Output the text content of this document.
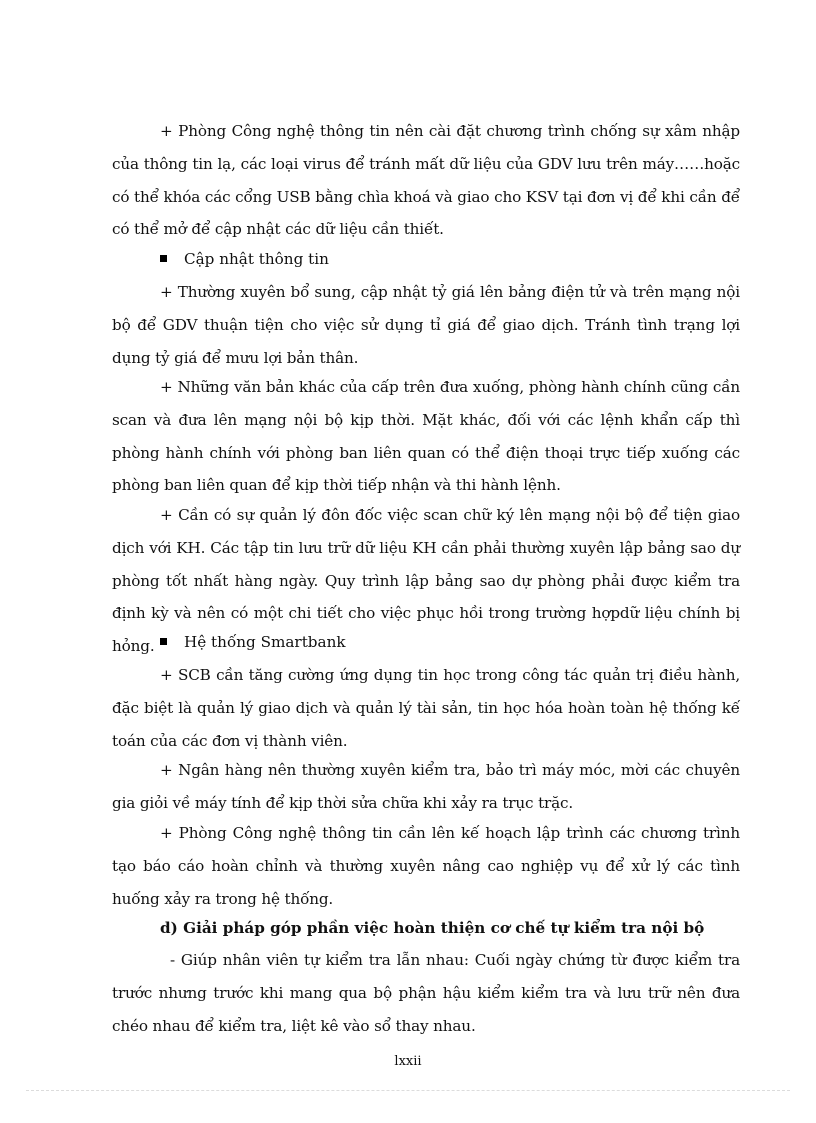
+ Phòng Công nghệ thông tin nên cài đặt chương trình chống sự xâm nhập của thông tin lạ, các loại virus để tránh mất dữ liệu của GDV lưu trên máy……hoặc có thể khóa các cổng USB bằng chìa khoá và giao cho KSV tại đơn vị để khi cần để có thể mở để cập nhật các dữ liệu cần thiết.

Cập nhật thông tin

+ Thường xuyên bổ sung, cập nhật tỷ giá lên bảng điện tử và trên mạng nội bộ để GDV thuận tiện cho việc sử dụng tỉ giá để giao dịch. Tránh tình trạng lợi dụng tỷ giá để mưu lợi bản thân.

+ Những văn bản khác của cấp trên đưa xuống, phòng hành chính cũng cần scan và đưa lên mạng nội bộ kịp thời. Mặt khác, đối với các lệnh khẩn cấp thì phòng hành chính với phòng ban liên quan có thể điện thoại trực tiếp xuống các phòng ban liên quan để kịp thời tiếp nhận và thi hành lệnh.

+ Cần có sự quản lý đôn đốc việc scan chữ ký lên mạng nội bộ để tiện giao dịch với KH. Các tập tin lưu trữ dữ liệu KH cần phải thường xuyên lập bảng sao dự phòng tốt nhất hàng ngày. Quy trình lập bảng sao dự phòng phải được kiểm tra định kỳ và nên có một chi tiết cho việc phục hồi trong trường hợpdữ liệu chính bị hỏng.	Hệ thống Smartbank

+ SCB cần tăng cường ứng dụng tin học trong công tác quản trị điều hành, đặc biệt là quản lý giao dịch và quản lý tài sản, tin học hóa hoàn toàn hệ thống kế toán của các đơn vị thành viên.

+ Ngân hàng nên thường xuyên kiểm tra, bảo trì máy móc, mời các chuyên gia giỏi về máy tính để kịp thời sửa chữa khi xảy ra trục trặc.

+ Phòng Công nghệ thông tin cần lên kế hoạch lập trình các chương trình tạo báo cáo hoàn chỉnh và thường xuyên nâng cao nghiệp vụ để xử lý các tình huống xảy ra trong hệ thống.

d) Giải pháp góp phần việc hoàn thiện cơ chế tự kiểm tra nội bộ

- Giúp nhân viên tự kiểm tra lẫn nhau: Cuối ngày chứng từ được kiểm tra trước nhưng trước khi mang qua bộ phận hậu kiểm kiểm tra và lưu trữ nên đưa chéo nhau để kiểm tra, liệt kê vào sổ thay nhau.

lxxii
